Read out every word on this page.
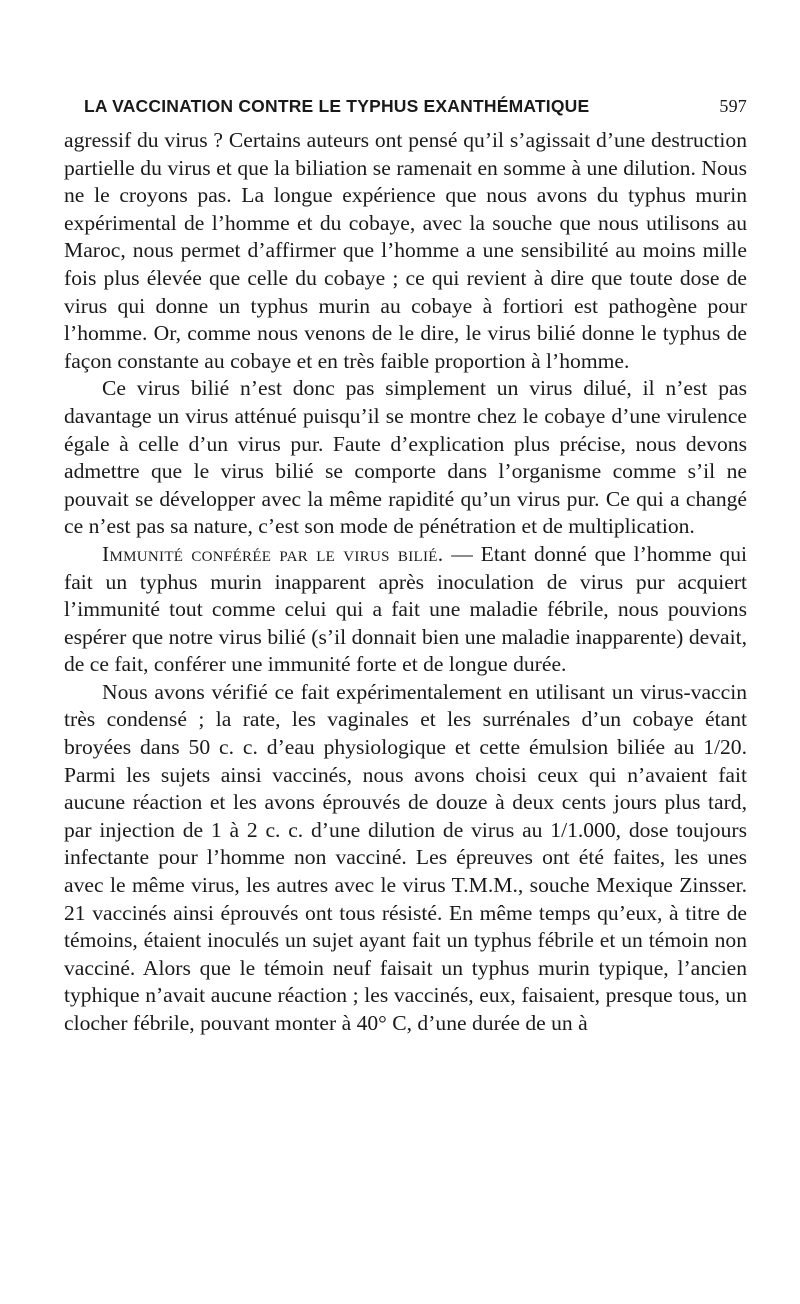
LA VACCINATION CONTRE LE TYPHUS EXANTHÉMATIQUE	597

agressif du virus ? Certains auteurs ont pensé qu’il s’agissait d’une destruction partielle du virus et que la biliation se ramenait en somme à une dilution. Nous ne le croyons pas. La longue expérience que nous avons du typhus murin expérimental de l’homme et du cobaye, avec la souche que nous utilisons au Maroc, nous permet d’affirmer que l’homme a une sensibilité au moins mille fois plus élevée que celle du cobaye ; ce qui revient à dire que toute dose de virus qui donne un typhus murin au cobaye à fortiori est pathogène pour l’homme. Or, comme nous venons de le dire, le virus bilié donne le typhus de façon constante au cobaye et en très faible proportion à l’homme.

Ce virus bilié n’est donc pas simplement un virus dilué, il n’est pas davantage un virus atténué puisqu’il se montre chez le cobaye d’une virulence égale à celle d’un virus pur. Faute d’explication plus précise, nous devons admettre que le virus bilié se comporte dans l’organisme comme s’il ne pouvait se développer avec la même rapidité qu’un virus pur. Ce qui a changé ce n’est pas sa nature, c’est son mode de pénétration et de multiplication.

Immunité conférée par le virus bilié. — Etant donné que l’homme qui fait un typhus murin inapparent après inoculation de virus pur acquiert l’immunité tout comme celui qui a fait une maladie fébrile, nous pouvions espérer que notre virus bilié (s’il donnait bien une maladie inapparente) devait, de ce fait, conférer une immunité forte et de longue durée.

Nous avons vérifié ce fait expérimentalement en utilisant un virus-vaccin très condensé ; la rate, les vaginales et les surrénales d’un cobaye étant broyées dans 50 c. c. d’eau physiologique et cette émulsion biliée au 1/20. Parmi les sujets ainsi vaccinés, nous avons choisi ceux qui n’avaient fait aucune réaction et les avons éprouvés de douze à deux cents jours plus tard, par injection de 1 à 2 c. c. d’une dilution de virus au 1/1.000, dose toujours infectante pour l’homme non vacciné. Les épreuves ont été faites, les unes avec le même virus, les autres avec le virus T.M.M., souche Mexique Zinsser. 21 vaccinés ainsi éprouvés ont tous résisté. En même temps qu’eux, à titre de témoins, étaient inoculés un sujet ayant fait un typhus fébrile et un témoin non vacciné. Alors que le témoin neuf faisait un typhus murin typique, l’ancien typhique n’avait aucune réaction ; les vaccinés, eux, faisaient, presque tous, un clocher fébrile, pouvant monter à 40° C, d’une durée de un à
